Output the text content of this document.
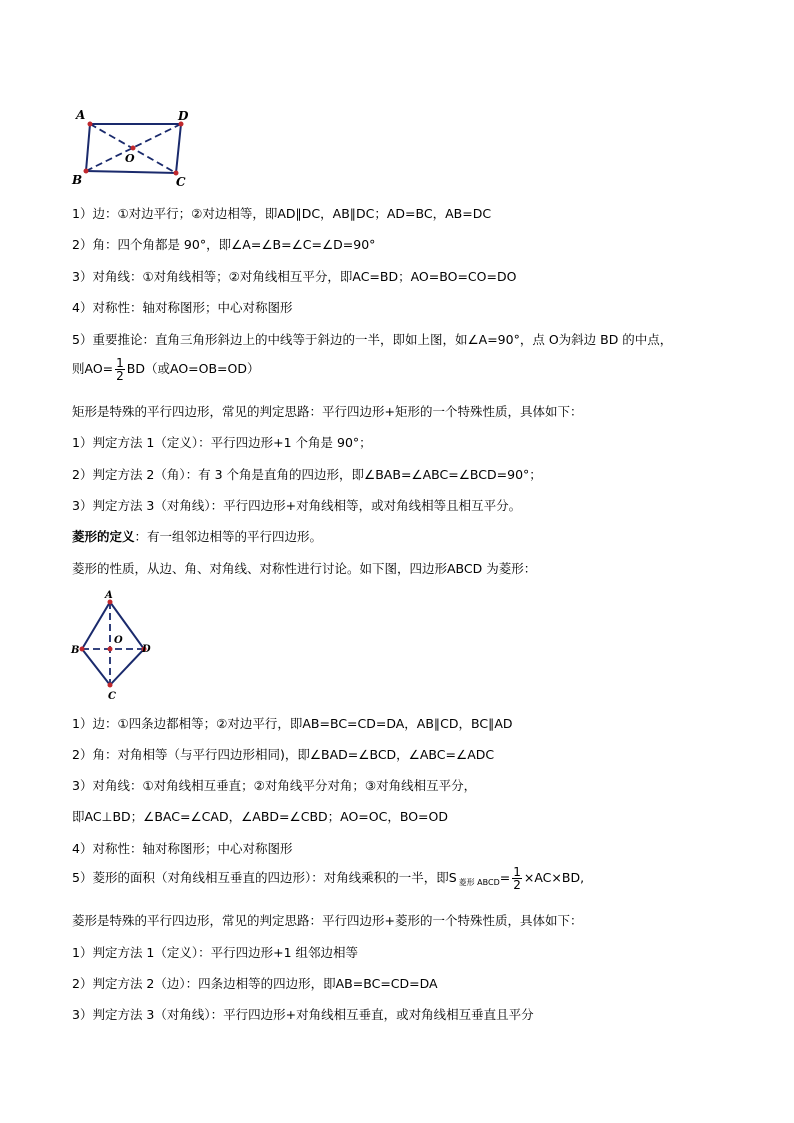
A	D
O
B	C
1）边：①对边平行；②对边相等，即AD∥DC，AB∥DC；AD=BC，AB=DC
2）角：四个角都是 90°，即∠A=∠B=∠C=∠D=90°
3）对角线：①对角线相等；②对角线相互平分，即AC=BD；AO=BO=CO=DO
4）对称性：轴对称图形；中心对称图形
5）重要推论：直角三角形斜边上的中线等于斜边的一半，即如上图，如∠A=90°，点 O为斜边 BD 的中点，
则$AO= \frac{1}{2} BD$（或AO=OB=OD）
矩形是特殊的平行四边形，常见的判定思路：平行四边形+矩形的一个特殊性质，具体如下：
1）判定方法 1（定义）：平行四边形+1 个角是 90°；
2）判定方法 2（角）：有 3 个角是直角的四边形，即∠BAB=∠ABC=∠BCD=90°；
3）判定方法 3（对角线）：平行四边形+对角线相等，或对角线相等且相互平分。
菱形的定义：有一组邻边相等的平行四边形。
菱形的性质，从边、角、对角线、对称性进行讨论。如下图，四边形ABCD 为菱形：
A
O
B	D
C
1）边：①四条边都相等；②对边平行，即AB=BC=CD=DA，AB∥CD，BC∥AD
2）角：对角相等（与平行四边形相同)，即∠BAD=∠BCD，∠ABC=∠ADC
3）对角线：①对角线相互垂直；②对角线平分对角；③对角线相互平分，
即AC⊥BD；∠BAC=∠CAD，∠ABD=∠CBD；AO=OC，BO=OD
4）对称性：轴对称图形；中心对称图形
5）菱形的面积（对角线相互垂直的四边形）：对角线乘积的一半，即S $_{菱形 ABCD}= \frac{1}{2} \times AC\times BD$,
菱形是特殊的平行四边形，常见的判定思路：平行四边形+菱形的一个特殊性质，具体如下：
1）判定方法 1（定义）：平行四边形+1 组邻边相等
2）判定方法 2（边）：四条边相等的四边形，即AB=BC=CD=DA
3）判定方法 3（对角线）：平行四边形+对角线相互垂直，或对角线相互垂直且平分
